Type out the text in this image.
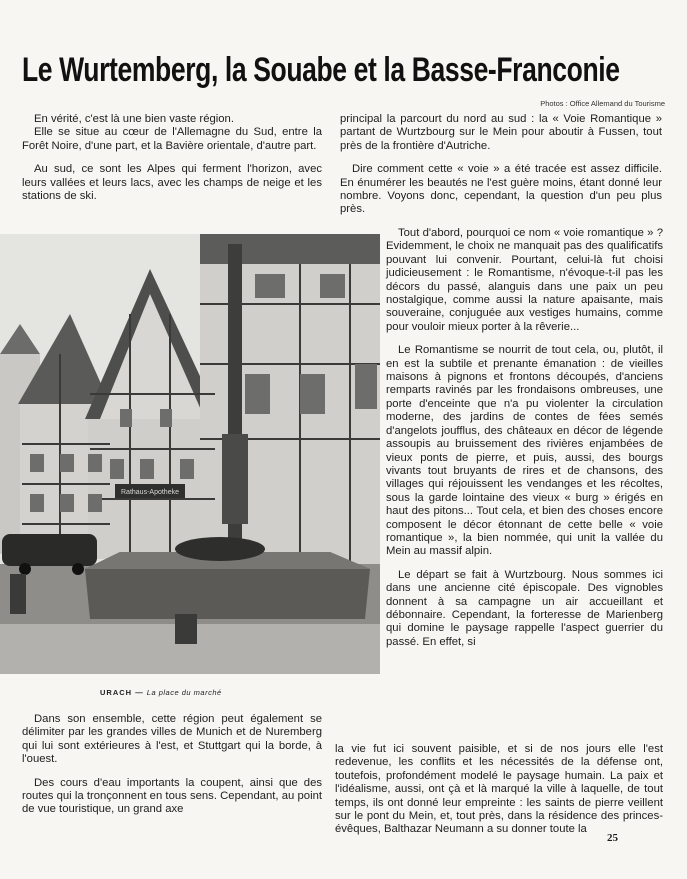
Le Wurtemberg, la Souabe et la Basse-Franconie
Photos : Office Allemand du Tourisme

En vérité, c'est là une bien vaste région.

Elle se situe au cœur de l'Allemagne du Sud, entre la Forêt Noire, d'une part, et la Bavière orientale, d'autre part.

Au sud, ce sont les Alpes qui ferment l'horizon, avec leurs vallées et leurs lacs, avec les champs de neige et les stations de ski.

principal la parcourt du nord au sud : la « Voie Romantique » partant de Wurtzbourg sur le Mein pour aboutir à Fussen, tout près de la frontière d'Autriche.

Dire comment cette « voie » a été tracée est assez difficile. En énumérer les beautés ne l'est guère moins, étant donné leur nombre. Voyons donc, cependant, la question d'un peu plus près.

Tout d'abord, pourquoi ce nom « voie romantique » ? Evidemment, le choix ne manquait pas des qualificatifs pouvant lui convenir. Pourtant, celui-là fut choisi judicieusement : le Romantisme, n'évoque-t-il pas les décors du passé, alanguis dans une paix un peu nostalgique, comme aussi la nature apaisante, mais souveraine, conjuguée aux vestiges humains, comme pour vouloir mieux porter à la rêverie...

Le Romantisme se nourrit de tout cela, ou, plutôt, il en est la subtile et prenante émanation : de vieilles maisons à pignons et frontons découpés, d'anciens remparts ravinés par les frondaisons ombreuses, une porte d'enceinte que n'a pu violenter la circulation moderne, des jardins de contes de fées semés d'angelots joufflus, des châteaux en décor de légende assoupis au bruissement des rivières enjambées de vieux ponts de pierre, et puis, aussi, des bourgs vivants tout bruyants de rires et de chansons, des villages qui réjouissent les vendanges et les récoltes, sous la garde lointaine des vieux « burg » érigés en haut des pitons... Tout cela, et bien des choses encore composent le décor étonnant de cette belle « voie romantique », la bien nommée, qui unit la vallée du Mein au massif alpin.

Le départ se fait à Wurtzbourg. Nous sommes ici dans une ancienne cité épiscopale. Des vignobles donnent à sa campagne un air accueillant et débonnaire. Cependant, la forteresse de Marienberg qui domine le paysage rappelle l'aspect guerrier du passé. En effet, si

Rathaus-Apotheke
URACH — La place du marché

Dans son ensemble, cette région peut également se délimiter par les grandes villes de Munich et de Nuremberg qui lui sont extérieures à l'est, et Stuttgart qui la borde, à l'ouest.

Des cours d'eau importants la coupent, ainsi que des routes qui la tronçonnent en tous sens. Cependant, au point de vue touristique, un grand axe

la vie fut ici souvent paisible, et si de nos jours elle l'est redevenue, les conflits et les nécessités de la défense ont, toutefois, profondément modelé le paysage humain. La paix et l'idéalisme, aussi, ont çà et là marqué la ville à laquelle, de tout temps, ils ont donné leur empreinte : les saints de pierre veillent sur le pont du Mein, et, tout près, dans la résidence des princes-évêques, Balthazar Neumann a su donner toute la

25
